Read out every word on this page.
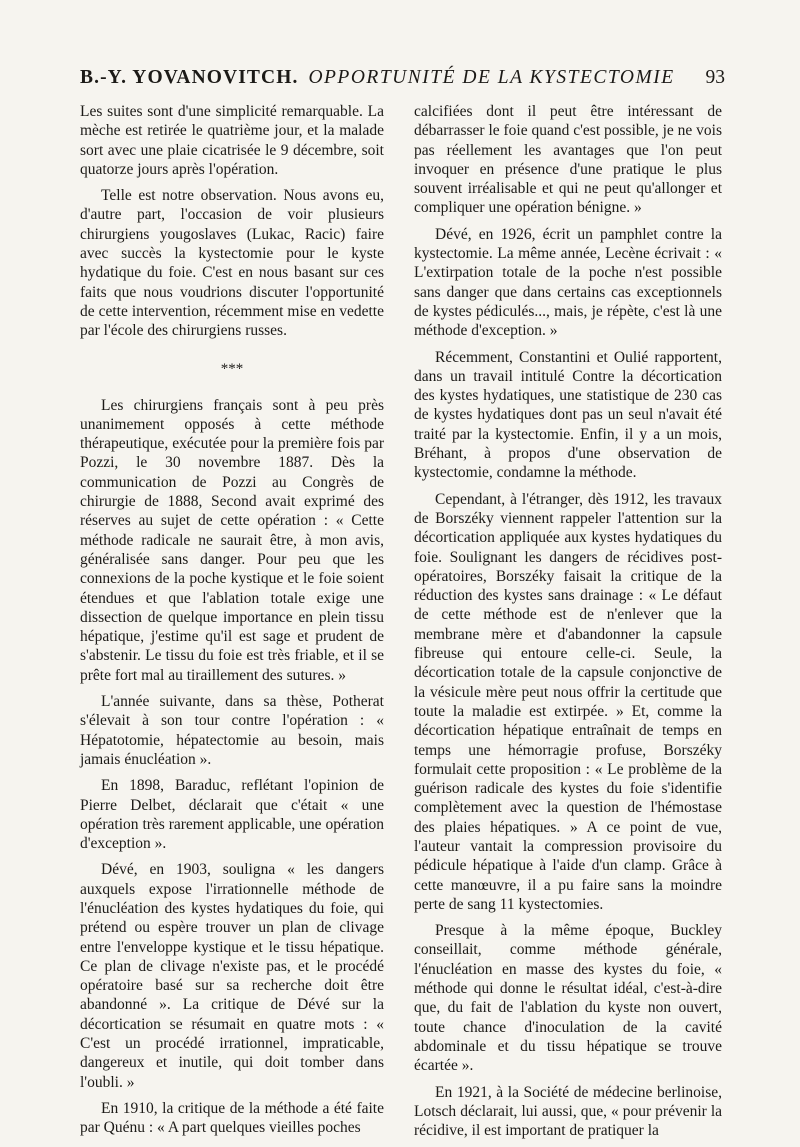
B.-Y. YOVANOVITCH. OPPORTUNITÉ DE LA KYSTECTOMIE 93

Les suites sont d'une simplicité remarquable. La mèche est retirée le quatrième jour, et la malade sort avec une plaie cicatrisée le 9 décembre, soit quatorze jours après l'opération.

Telle est notre observation. Nous avons eu, d'autre part, l'occasion de voir plusieurs chirurgiens yougoslaves (Lukac, Racic) faire avec succès la kystectomie pour le kyste hydatique du foie. C'est en nous basant sur ces faits que nous voudrions discuter l'opportunité de cette intervention, récemment mise en vedette par l'école des chirurgiens russes.

***

Les chirurgiens français sont à peu près unanimement opposés à cette méthode thérapeutique, exécutée pour la première fois par Pozzi, le 30 novembre 1887. Dès la communication de Pozzi au Congrès de chirurgie de 1888, Second avait exprimé des réserves au sujet de cette opération : « Cette méthode radicale ne saurait être, à mon avis, généralisée sans danger. Pour peu que les connexions de la poche kystique et le foie soient étendues et que l'ablation totale exige une dissection de quelque importance en plein tissu hépatique, j'estime qu'il est sage et prudent de s'abstenir. Le tissu du foie est très friable, et il se prête fort mal au tiraillement des sutures. »

L'année suivante, dans sa thèse, Potherat s'élevait à son tour contre l'opération : « Hépatotomie, hépatectomie au besoin, mais jamais énucléation ».

En 1898, Baraduc, reflétant l'opinion de Pierre Delbet, déclarait que c'était « une opération très rarement applicable, une opération d'exception ».

Dévé, en 1903, soulignа « les dangers auxquels expose l'irrationnelle méthode de l'énucléation des kystes hydatiques du foie, qui prétend ou espère trouver un plan de clivage entre l'enveloppe kystique et le tissu hépatique. Ce plan de clivage n'existe pas, et le procédé opératoire basé sur sa recherche doit être abandonné ». La critique de Dévé sur la décortication se résumait en quatre mots : « C'est un procédé irrationnel, impraticable, dangereux et inutile, qui doit tomber dans l'oubli. »

En 1910, la critique de la méthode a été faite par Quénu : « A part quelques vieilles poches

calcifiées dont il peut être intéressant de débarrasser le foie quand c'est possible, je ne vois pas réellement les avantages que l'on peut invoquer en présence d'une pratique le plus souvent irréalisable et qui ne peut qu'allonger et compliquer une opération bénigne. »

Dévé, en 1926, écrit un pamphlet contre la kystectomie. La même année, Lecène écrivait : « L'extirpation totale de la poche n'est possible sans danger que dans certains cas exceptionnels de kystes pédiculés..., mais, je répète, c'est là une méthode d'exception. »

Récemment, Constantini et Oulié rapportent, dans un travail intitulé Contre la décortication des kystes hydatiques, une statistique de 230 cas de kystes hydatiques dont pas un seul n'avait été traité par la kystectomie. Enfin, il y a un mois, Bréhant, à propos d'une observation de kystectomie, condamne la méthode.

Cependant, à l'étranger, dès 1912, les travaux de Borszéky viennent rappeler l'attention sur la décortication appliquée aux kystes hydatiques du foie. Soulignant les dangers de récidives post-opératoires, Borszéky faisait la critique de la réduction des kystes sans drainage : « Le défaut de cette méthode est de n'enlever que la membrane mère et d'abandonner la capsule fibreuse qui entoure celle-ci. Seule, la décortication totale de la capsule conjonctive de la vésicule mère peut nous offrir la certitude que toute la maladie est extirpée. » Et, comme la décortication hépatique entraînait de temps en temps une hémorragie profuse, Borszéky formulait cette proposition : « Le problème de la guérison radicale des kystes du foie s'identifie complètement avec la question de l'hémostase des plaies hépatiques. » A ce point de vue, l'auteur vantait la compression provisoire du pédicule hépatique à l'aide d'un clamp. Grâce à cette manœuvre, il a pu faire sans la moindre perte de sang 11 kystectomies.

Presque à la même époque, Buckley conseillait, comme méthode générale, l'énucléation en masse des kystes du foie, « méthode qui donne le résultat idéal, c'est-à-dire que, du fait de l'ablation du kyste non ouvert, toute chance d'inoculation de la cavité abdominale et du tissu hépatique se trouve écartée ».

En 1921, à la Société de médecine berlinoise, Lotsch déclarait, lui aussi, que, « pour prévenir la récidive, il est important de pratiquer la
